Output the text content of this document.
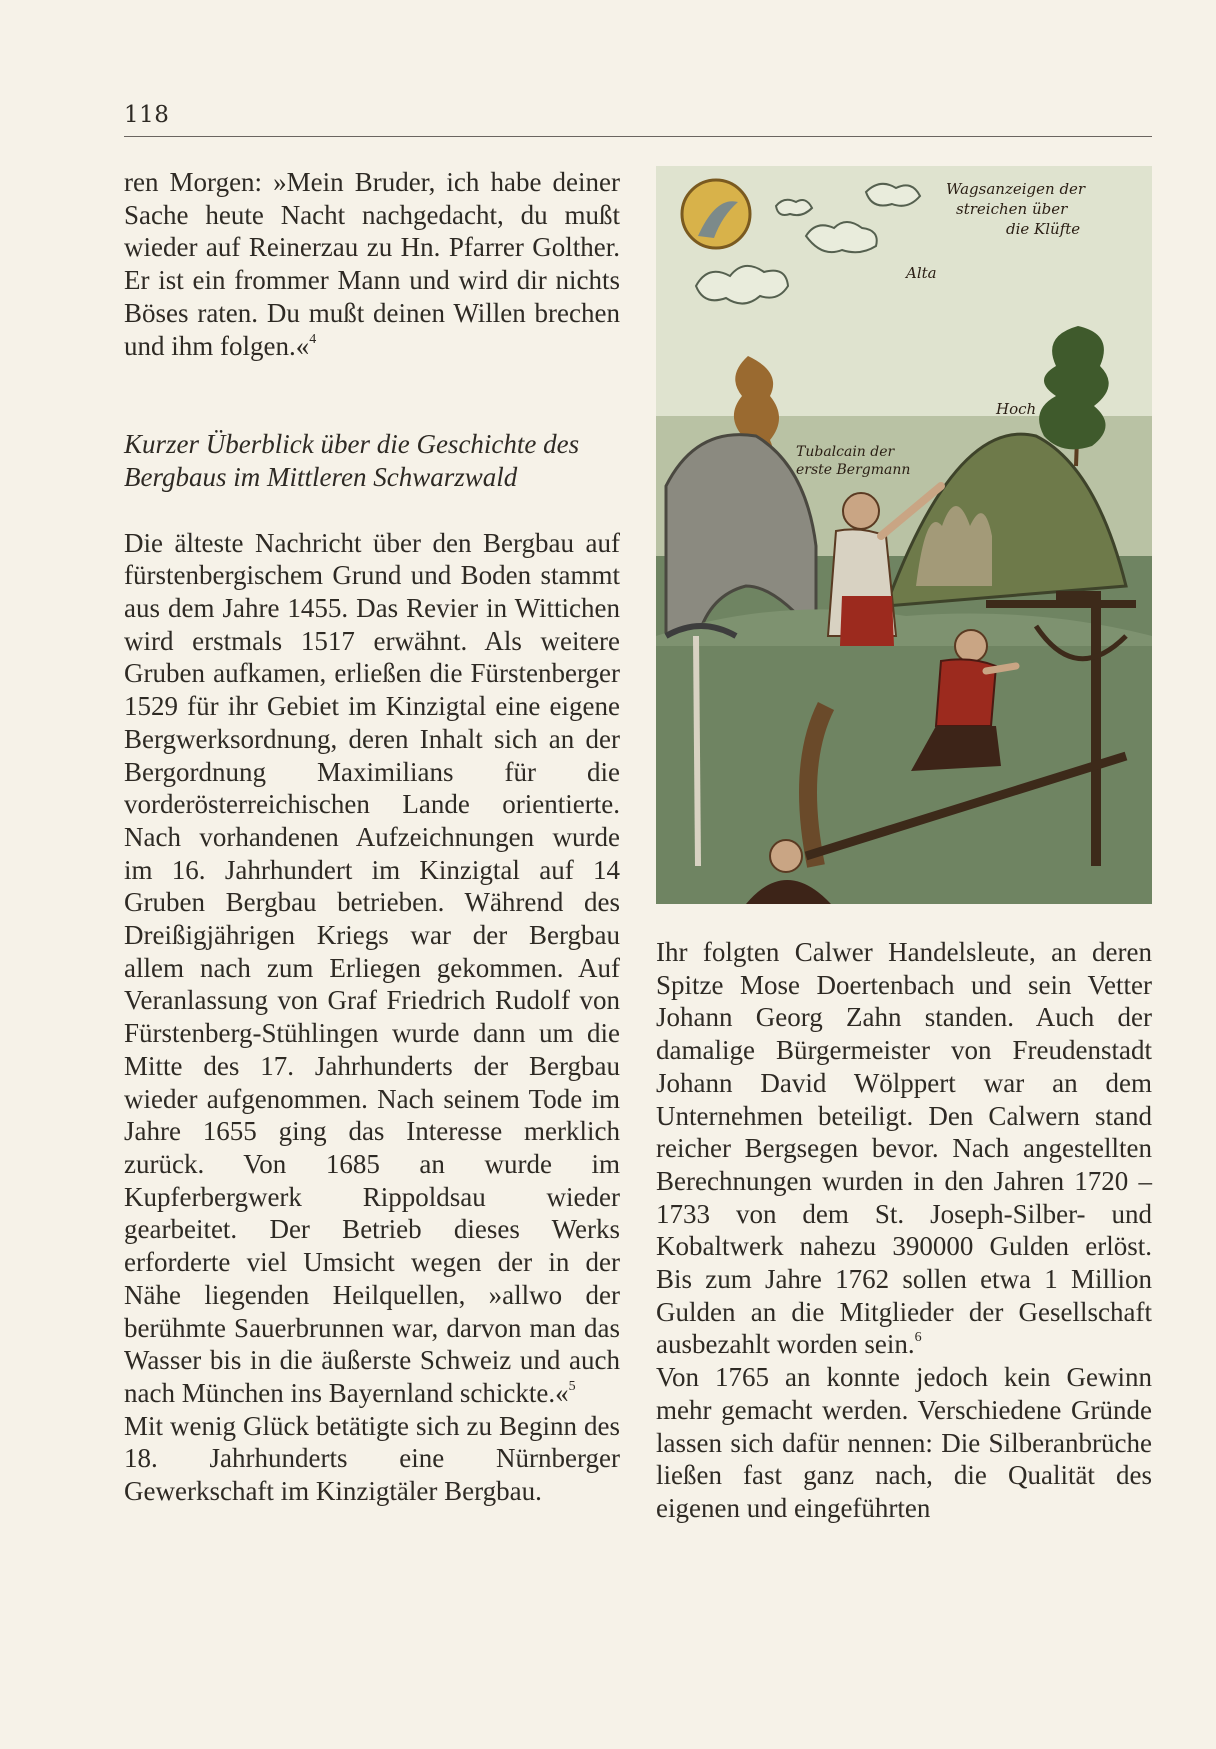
118

ren Morgen: »Mein Bruder, ich habe deiner Sache heute Nacht nachgedacht, du mußt wieder auf Reinerzau zu Hn. Pfarrer Golther. Er ist ein frommer Mann und wird dir nichts Böses raten. Du mußt deinen Willen brechen und ihm folgen.«$^4$

Kurzer Überblick über die Geschichte des
Bergbaus im Mittleren Schwarzwald

Die älteste Nachricht über den Bergbau auf fürstenbergischem Grund und Boden stammt aus dem Jahre 1455. Das Revier in Wittichen wird erstmals 1517 erwähnt. Als weitere Gruben aufkamen, erließen die Fürstenberger 1529 für ihr Gebiet im Kinzigtal eine eigene Bergwerksordnung, deren Inhalt sich an der Bergordnung Maximilians für die vorderösterreichischen Lande orientierte. Nach vorhandenen Aufzeichnungen wurde im 16. Jahrhundert im Kinzigtal auf 14 Gruben Bergbau betrieben. Während des Dreißigjährigen Kriegs war der Bergbau allem nach zum Erliegen gekommen. Auf Veranlassung von Graf Friedrich Rudolf von Fürstenberg-Stühlingen wurde dann um die Mitte des 17. Jahrhunderts der Bergbau wieder aufgenommen. Nach seinem Tode im Jahre 1655 ging das Interesse merklich zurück. Von 1685 an wurde im Kupferbergwerk Rippoldsau wieder gearbeitet. Der Betrieb dieses Werks erforderte viel Umsicht wegen der in der Nähe liegenden Heilquellen, »allwo der berühmte Sauerbrunnen war, darvon man das Wasser bis in die äußerste Schweiz und auch nach München ins Bayernland schickte.«$^5$

Mit wenig Glück betätigte sich zu Beginn des 18. Jahrhunderts eine Nürnberger Gewerkschaft im Kinzigtäler Bergbau.

Wagsanzeigen der
streichen über
die Klüfte
Alta
Hoch
Tubalcain der
erste Bergmann

Ihr folgten Calwer Handelsleute, an deren Spitze Mose Doertenbach und sein Vetter Johann Georg Zahn standen. Auch der damalige Bürgermeister von Freudenstadt Johann David Wölppert war an dem Unternehmen beteiligt. Den Calwern stand reicher Bergsegen bevor. Nach angestellten Berechnungen wurden in den Jahren 1720 – 1733 von dem St. Joseph-Silber- und Kobaltwerk nahezu 390000 Gulden erlöst. Bis zum Jahre 1762 sollen etwa 1 Million Gulden an die Mitglieder der Gesellschaft ausbezahlt worden sein.$^6$

Von 1765 an konnte jedoch kein Gewinn mehr gemacht werden. Verschiedene Gründe lassen sich dafür nennen: Die Silberanbrüche ließen fast ganz nach, die Qualität des eigenen und eingeführten
